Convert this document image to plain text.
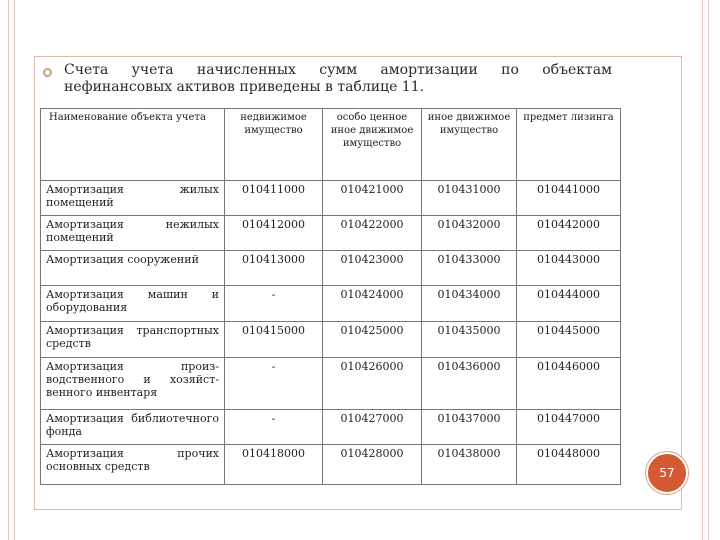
Счета учета начисленных сумм амортизации по объектам
нефинансовых активов приведены в таблице 11.
Наименование объекта учета	недвижимое имущество	особо ценное иное движимое имущество	иное движимое имущество	предмет лизинга
Амортизация жилых помещений	010411000	010421000	010431000	010441000
Амортизация нежилых помещений	010412000	010422000	010432000	010442000
Амортизация сооружений	010413000	010423000	010433000	010443000
Амортизация машин и оборудования	-	010424000	010434000	010444000
Амортизация транспортных средств	010415000	010425000	010435000	010445000
Амортизация произ-водственного и хозяйст-венного инвентаря	-	010426000	010436000	010446000
Амортизация библиотечного фонда	-	010427000	010437000	010447000
Амортизация прочих основных средств	010418000	010428000	010438000	010448000
57
